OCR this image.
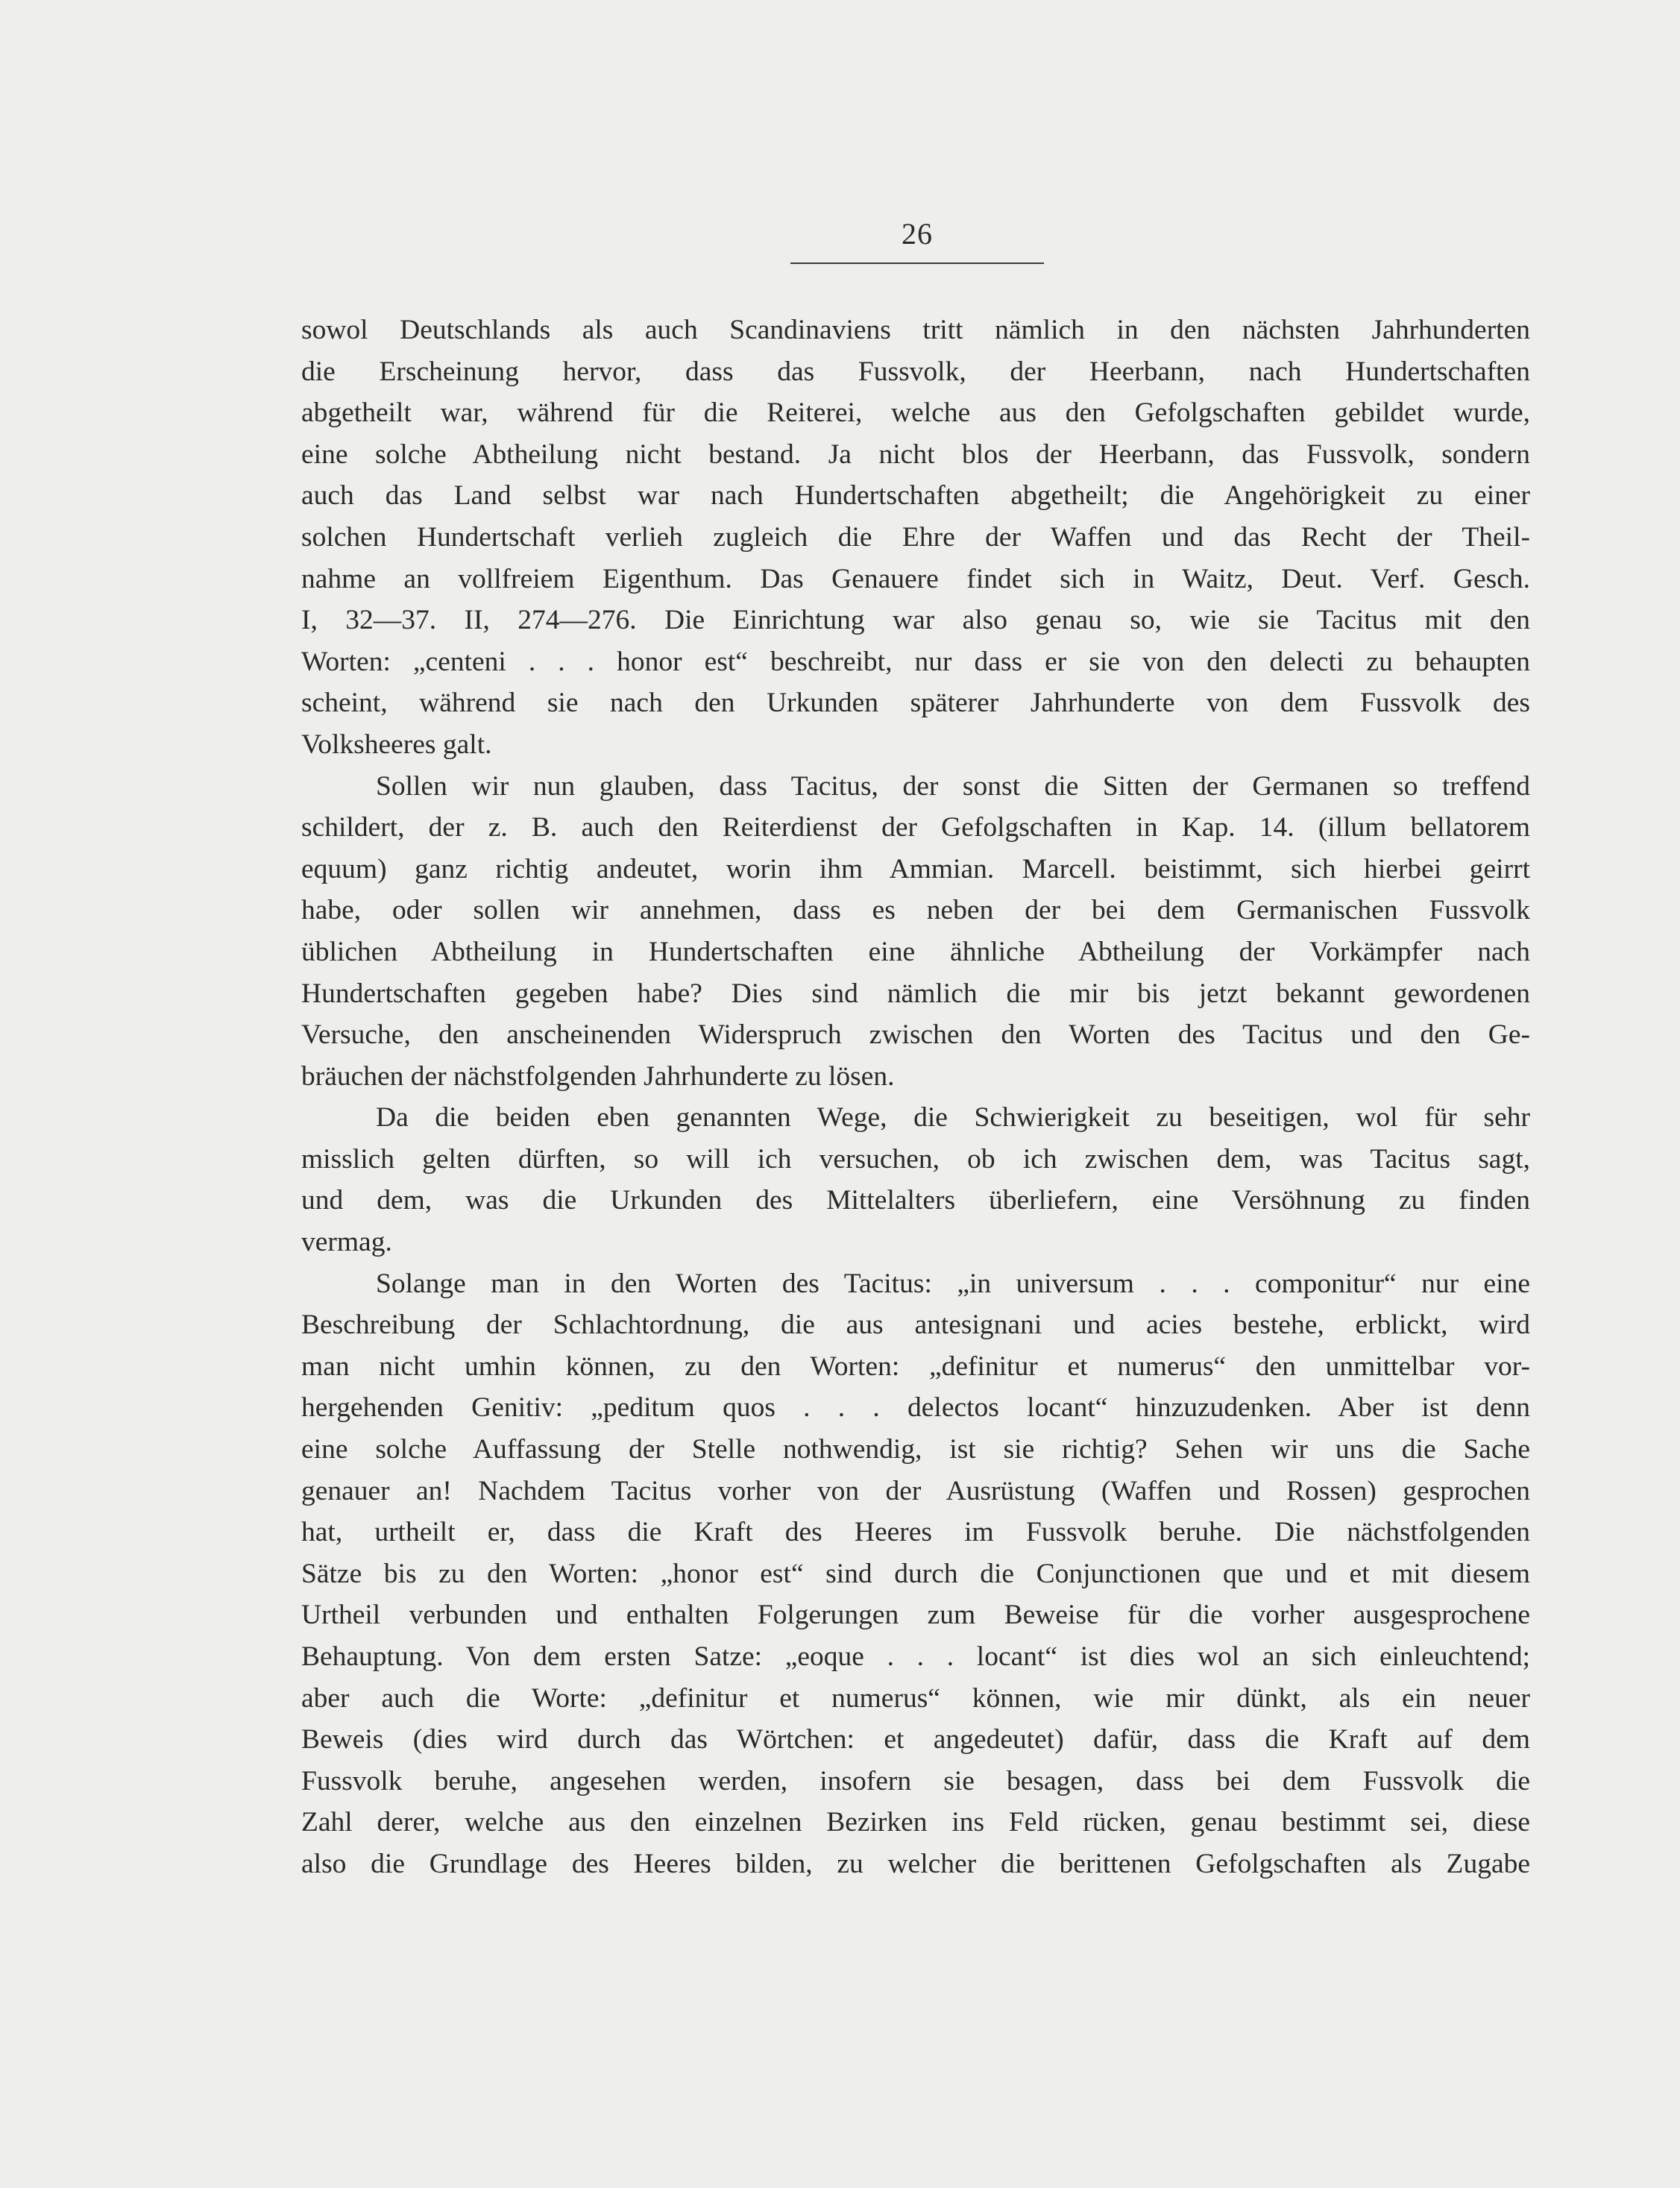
26
sowol Deutschlands als auch Scandinaviens tritt nämlich in den nächsten Jahrhunderten
die Erscheinung hervor, dass das Fussvolk, der Heerbann, nach Hundertschaften
abgetheilt war, während für die Reiterei, welche aus den Gefolgschaften gebildet wurde,
eine solche Abtheilung nicht bestand. Ja nicht blos der Heerbann, das Fussvolk, sondern
auch das Land selbst war nach Hundertschaften abgetheilt; die Angehörigkeit zu einer
solchen Hundertschaft verlieh zugleich die Ehre der Waffen und das Recht der Theil-
nahme an vollfreiem Eigenthum. Das Genauere findet sich in Waitz, Deut. Verf. Gesch.
I, 32—37. II, 274—276. Die Einrichtung war also genau so, wie sie Tacitus mit den
Worten: „centeni . . . honor est“ beschreibt, nur dass er sie von den delecti zu behaupten
scheint, während sie nach den Urkunden späterer Jahrhunderte von dem Fussvolk des
Volksheeres galt.
Sollen wir nun glauben, dass Tacitus, der sonst die Sitten der Germanen so treffend
schildert, der z. B. auch den Reiterdienst der Gefolgschaften in Kap. 14. (illum bellatorem
equum) ganz richtig andeutet, worin ihm Ammian. Marcell. beistimmt, sich hierbei geirrt
habe, oder sollen wir annehmen, dass es neben der bei dem Germanischen Fussvolk
üblichen Abtheilung in Hundertschaften eine ähnliche Abtheilung der Vorkämpfer nach
Hundertschaften gegeben habe? Dies sind nämlich die mir bis jetzt bekannt gewordenen
Versuche, den anscheinenden Widerspruch zwischen den Worten des Tacitus und den Ge-
bräuchen der nächstfolgenden Jahrhunderte zu lösen.
Da die beiden eben genannten Wege, die Schwierigkeit zu beseitigen, wol für sehr
misslich gelten dürften, so will ich versuchen, ob ich zwischen dem, was Tacitus sagt,
und dem, was die Urkunden des Mittelalters überliefern, eine Versöhnung zu finden
vermag.
Solange man in den Worten des Tacitus: „in universum . . . componitur“ nur eine
Beschreibung der Schlachtordnung, die aus antesignani und acies bestehe, erblickt, wird
man nicht umhin können, zu den Worten: „definitur et numerus“ den unmittelbar vor-
hergehenden Genitiv: „peditum quos . . . delectos locant“ hinzuzudenken. Aber ist denn
eine solche Auffassung der Stelle nothwendig, ist sie richtig? Sehen wir uns die Sache
genauer an! Nachdem Tacitus vorher von der Ausrüstung (Waffen und Rossen) gesprochen
hat, urtheilt er, dass die Kraft des Heeres im Fussvolk beruhe. Die nächstfolgenden
Sätze bis zu den Worten: „honor est“ sind durch die Conjunctionen que und et mit diesem
Urtheil verbunden und enthalten Folgerungen zum Beweise für die vorher ausgesprochene
Behauptung. Von dem ersten Satze: „eoque . . . locant“ ist dies wol an sich einleuchtend;
aber auch die Worte: „definitur et numerus“ können, wie mir dünkt, als ein neuer
Beweis (dies wird durch das Wörtchen: et angedeutet) dafür, dass die Kraft auf dem
Fussvolk beruhe, angesehen werden, insofern sie besagen, dass bei dem Fussvolk die
Zahl derer, welche aus den einzelnen Bezirken ins Feld rücken, genau bestimmt sei, diese
also die Grundlage des Heeres bilden, zu welcher die berittenen Gefolgschaften als Zugabe
